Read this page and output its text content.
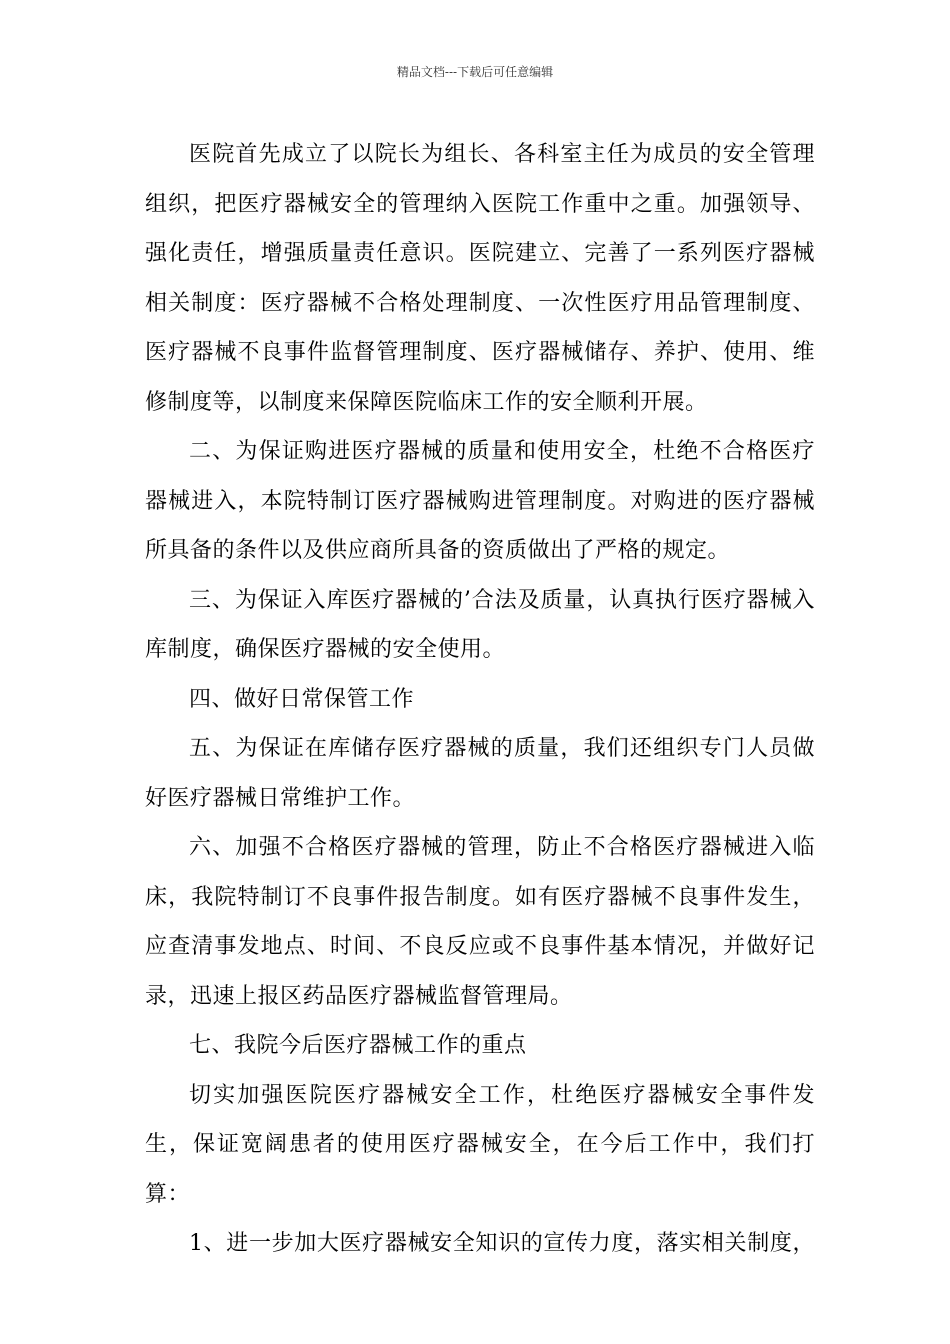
精品文档---下载后可任意编辑

医院首先成立了以院长为组长、各科室主任为成员的安全管理组织，把医疗器械安全的管理纳入医院工作重中之重。加强领导、强化责任，增强质量责任意识。医院建立、完善了一系列医疗器械相关制度：医疗器械不合格处理制度、一次性医疗用品管理制度、医疗器械不良事件监督管理制度、医疗器械储存、养护、使用、维修制度等，以制度来保障医院临床工作的安全顺利开展。

二、为保证购进医疗器械的质量和使用安全，杜绝不合格医疗器械进入，本院特制订医疗器械购进管理制度。对购进的医疗器械所具备的条件以及供应商所具备的资质做出了严格的规定。

三、为保证入库医疗器械的’合法及质量，认真执行医疗器械入库制度，确保医疗器械的安全使用。

四、做好日常保管工作

五、为保证在库储存医疗器械的质量，我们还组织专门人员做好医疗器械日常维护工作。

六、加强不合格医疗器械的管理，防止不合格医疗器械进入临床，我院特制订不良事件报告制度。如有医疗器械不良事件发生，应查清事发地点、时间、不良反应或不良事件基本情况，并做好记录，迅速上报区药品医疗器械监督管理局。

七、我院今后医疗器械工作的重点

切实加强医院医疗器械安全工作，杜绝医疗器械安全事件发生，保证宽阔患者的使用医疗器械安全，在今后工作中，我们打算：

1、进一步加大医疗器械安全知识的宣传力度，落实相关制度，
